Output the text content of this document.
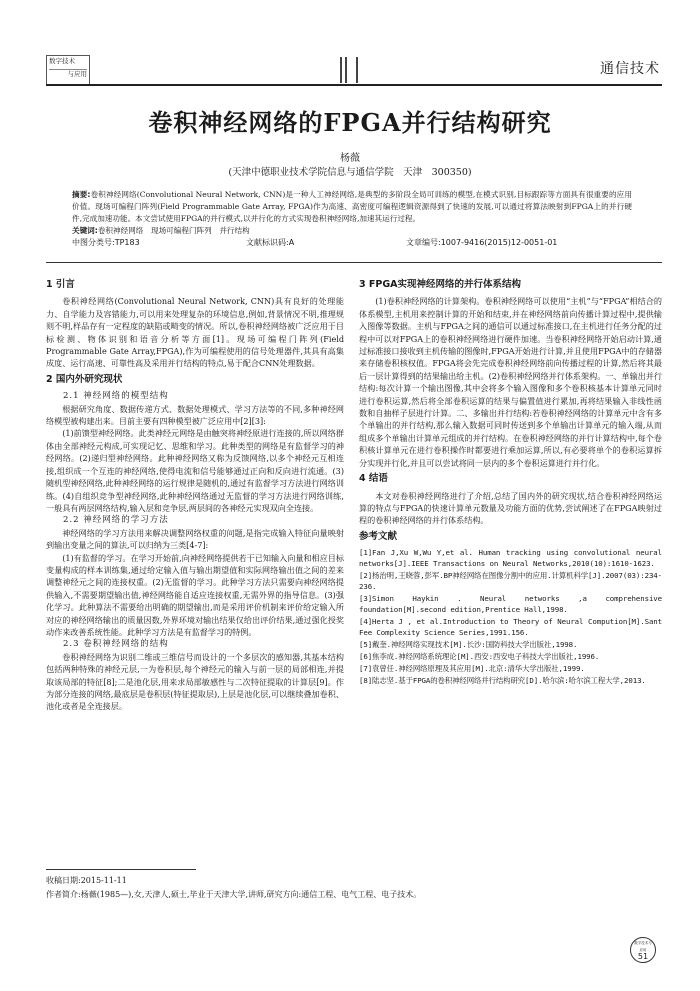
数字技术
与应用	通信技术
卷积神经网络的FPGA并行结构研究
杨薇
(天津中德职业技术学院信息与通信学院　天津　300350)
摘要:卷积神经网络(Convolutional Neural Network, CNN)是一种人工神经网络,是典型的多阶段全局可训练的模型,在模式识别,目标跟踪等方面具有很重要的应用价值。现场可编程门阵列(Field Programmable Gate Array, FPGA)作为高速、高密度可编程逻辑资源得到了快速的发展,可以通过将算法映射到FPGA上的并行硬件,完成加速功能。本文尝试使用FPGA的并行模式,以并行化的方式实现卷积神经网络,加速其运行过程。
关键词:卷积神经网络　现场可编程门阵列　并行结构
中图分类号:TP183	文献标识码:A	文章编号:1007-9416(2015)12-0051-01
1 引言

卷积神经网络(Convolutional Neural Network, CNN)具有良好的处理能力、自学能力及容错能力,可以用来处理复杂的环境信息,例如,背景情况不明,推理规则不明,样品存有一定程度的缺陷或畸变的情况。所以,卷积神经网络被广泛应用于目标检测、物体识别和语音分析等方面[1]。现场可编程门阵列(Field Programmable Gate Array,FPGA),作为可编程使用的信号处理器件,其具有高集成度、运行高速、可靠性高及采用并行结构的特点,易于配合CNN处理数据。

2 国内外研究现状
2.1 神经网络的模型结构

根据研究角度、数据传递方式、数据处理模式、学习方法等的不同,多种神经网络模型被构建出来。目前主要有四种模型被广泛应用中[2][3]:

(1)前馈型神经网络。此类神经元网络是由触突将神经原进行连接的,所以网络群体由全部神经元构成,可实现记忆、思维和学习。此种类型的网络是有监督学习的神经网络。(2)递归型神经网络。此种神经网络又称为反馈网络,以多个神经元互相连接,组织成一个互连的神经网络,使得电流和信号能够通过正向和反向进行流通。(3)随机型神经网络,此种神经网络的运行规律是随机的,通过有监督学习方法进行网络训练。(4)自组织竞争型神经网络,此种神经网络通过无监督的学习方法进行网络训练,一般具有两层网络结构,输入层和竞争层,两层间的各神经元实现双向全连接。

2.2 神经网络的学习方法

神经网络的学习方法用来解决调整网络权重的问题,是指完成输入特征向量映射到输出变量之间的算法,可以归纳为三类[4-7]:

(1)有监督的学习。在学习开始前,向神经网络提供若干已知输入向量和相应目标变量构成的样本训练集,通过给定输入值与输出期望值和实际网络输出值之间的差来调整神经元之间的连接权重。(2)无监督的学习。此种学习方法只需要向神经网络提供输入,不需要期望输出值,神经网络能自适应连接权重,无需外界的指导信息。(3)强化学习。此种算法不需要给出明确的期望输出,而是采用评价机制来评价给定输入所对应的神经网络输出的质量因数,外界环境对输出结果仅给出评价结果,通过强化授奖动作来改善系统性能。此种学习方法是有监督学习的特例。

2.3 卷积神经网络的结构

卷积神经网络为识别二维或三维信号而设计的一个多层次的感知器,其基本结构包括两种特殊的神经元层,一为卷积层,每个神经元的输入与前一层的局部相连,并提取该局部的特征[8];二是池化层,用来求局部敏感性与二次特征提取的计算层[9]。作为部分连接的网络,最底层是卷积层(特征提取层),上层是池化层,可以继续叠加卷积、池化或者是全连接层。

3 FPGA实现神经网络的并行体系结构

(1)卷积神经网络的计算架构。卷积神经网络可以使用“主机”与“FPGA”相结合的体系模型,主机用来控制计算的开始和结束,并在神经网络前向传播计算过程中,提供输入图像等数据。主机与FPGA之间的通信可以通过标准接口,在主机进行任务分配的过程中可以对FPGA上的卷积神经网络进行硬件加速。当卷积神经网络开始启动计算,通过标准接口接收到主机传输的图像时,FPGA开始进行计算,并且使用FPGA中的存储器来存储卷积核权值。FPGA将会先完成卷积神经网络前向传播过程的计算,然后将其最后一层计算得到的结果输出给主机。(2)卷积神经网络并行体系架构。一、单输出并行结构:每次计算一个输出图像,其中会将多个输入图像和多个卷积核基本计算单元同时进行卷积运算,然后将全部卷积运算的结果与偏置值进行累加,再将结果输入非线性函数和自抽样子层进行计算。二、多输出并行结构:若卷积神经网络的计算单元中含有多个单输出的并行结构,那么输入数据可同时传送到多个单输出计算单元的输入端,从而组成多个单输出计算单元组成的并行结构。在卷积神经网络的并行计算结构中,每个卷积核计算单元在进行卷积操作时都要进行乘加运算,所以,有必要将单个的卷积运算拆分实现并行化,并且可以尝试将同一层内的多个卷积运算进行并行化。

4 结语

本文对卷积神经网络进行了介绍,总结了国内外的研究现状,结合卷积神经网络运算的特点与FPGA的快速计算单元数量及功能方面的优势,尝试阐述了在FPGA映射过程的卷积神经网络的并行体系结构。

参考文献
[1]Fan J,Xu W,Wu Y,et al. Human tracking using convolutional neural networks[J].IEEE Transactions on Neural Networks,2010(10):1610-1623.
[2]杨治明,王晓蓉,彭军.BP神经网络在图像分割中的应用.计算机科学[J].2007(03):234-236.
[3]Simon Haykin . Neural networks ,a comprehensive foundation[M].second edition,Prentice Hall,1998.
[4]Herta J , et al.Introduction to Theory of Neural Compution[M].Sant Fee Complexity Science Series,1991.156.
[5]戴奎.神经网络实现技术[M].长沙:国防科技大学出版社,1998.
[6]焦李成.神经网络系统理论[M].西安:西安电子科技大学出版社,1996.
[7]袁曾任.神经网络原理及其应用[M].北京:清华大学出版社,1999.
[8]陆志坚.基于FPGA的卷积神经网络并行结构研究[D].哈尔滨:哈尔滨工程大学,2013.
收稿日期:2015-11-11
作者简介:杨薇(1985—),女,天津人,硕士,毕业于天津大学,讲师,研究方向:通信工程、电气工程、电子技术。
数字技术与应用
51
